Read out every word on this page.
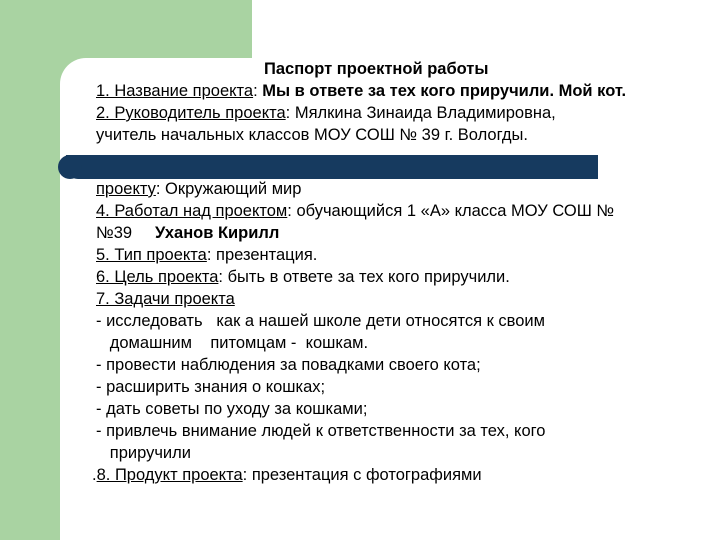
Паспорт проектной работы
1. Название проекта: Мы в ответе за тех кого приручили. Мой кот.
2. Руководитель проекта: Мялкина Зинаида Владимировна,
учитель начальных классов МОУ СОШ № 39 г. Вологды.
проекту: Окружающий мир
4. Работал над проектом: обучающийся 1 «А» класса МОУ СОШ №
№39     Уханов Кирилл
5. Тип проекта: презентация.
6. Цель проекта: быть в ответе за тех кого приручили.
7. Задачи проекта
- исследовать   как а нашей школе дети относятся к своим
домашним    питомцам -  кошкам.
- провести наблюдения за повадками своего кота;
- расширить знания о кошках;
- дать советы по уходу за кошками;
- привлечь внимание людей к ответственности за тех, кого
приручили
.8. Продукт проекта: презентация с фотографиями
